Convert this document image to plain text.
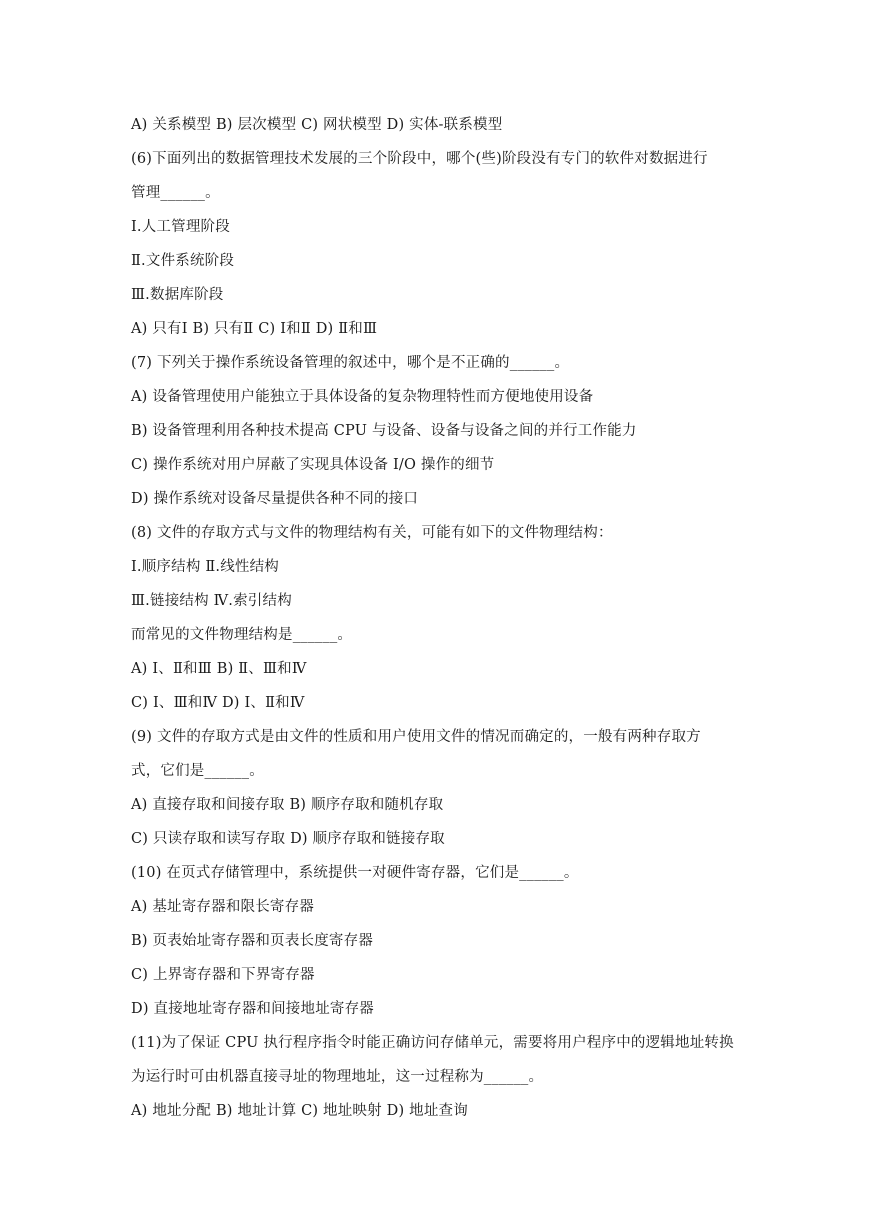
A) 关系模型 B) 层次模型 C) 网状模型 D) 实体-联系模型
(6)下面列出的数据管理技术发展的三个阶段中，哪个(些)阶段没有专门的软件对数据进行
管理______。
Ⅰ.人工管理阶段
Ⅱ.文件系统阶段
Ⅲ.数据库阶段
A) 只有Ⅰ B) 只有Ⅱ C) Ⅰ和Ⅱ D) Ⅱ和Ⅲ
(7) 下列关于操作系统设备管理的叙述中，哪个是不正确的______。
A) 设备管理使用户能独立于具体设备的复杂物理特性而方便地使用设备
B) 设备管理利用各种技术提高 CPU 与设备、设备与设备之间的并行工作能力
C) 操作系统对用户屏蔽了实现具体设备 I/O 操作的细节
D) 操作系统对设备尽量提供各种不同的接口
(8) 文件的存取方式与文件的物理结构有关，可能有如下的文件物理结构：
Ⅰ.顺序结构 Ⅱ.线性结构
Ⅲ.链接结构 Ⅳ.索引结构
而常见的文件物理结构是______。
A) Ⅰ、Ⅱ和Ⅲ B) Ⅱ、Ⅲ和Ⅳ
C) Ⅰ、Ⅲ和Ⅳ D) Ⅰ、Ⅱ和Ⅳ
(9) 文件的存取方式是由文件的性质和用户使用文件的情况而确定的，一般有两种存取方
式，它们是______。
A) 直接存取和间接存取 B) 顺序存取和随机存取
C) 只读存取和读写存取 D) 顺序存取和链接存取
(10) 在页式存储管理中，系统提供一对硬件寄存器，它们是______。
A) 基址寄存器和限长寄存器
B) 页表始址寄存器和页表长度寄存器
C) 上界寄存器和下界寄存器
D) 直接地址寄存器和间接地址寄存器
(11)为了保证 CPU 执行程序指令时能正确访问存储单元，需要将用户程序中的逻辑地址转换
为运行时可由机器直接寻址的物理地址，这一过程称为______。
A) 地址分配 B) 地址计算 C) 地址映射 D) 地址查询
